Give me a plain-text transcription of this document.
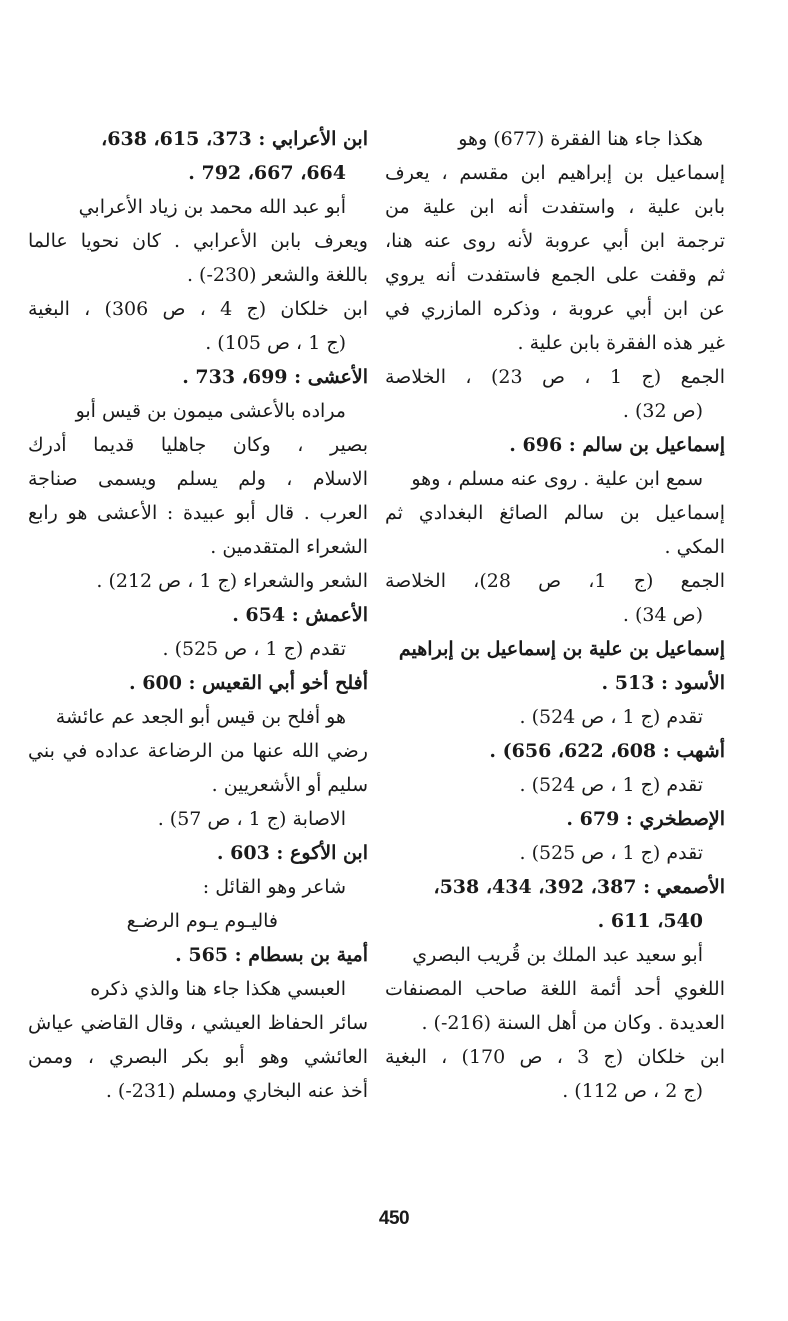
هكذا جاء هنا الفقرة (677) وهو
إسماعيل بن إبراهيم ابن مقسم ، يعرف
بابن علية ، واستفدت أنه ابن علية من
ترجمة ابن أبي عروبة لأنه روى عنه هنا،
ثم وقفت على الجمع فاستفدت أنه يروي
عن ابن أبي عروبة ، وذكره المازري في
غير هذه الفقرة بابن علية .
الجمع (ج 1 ، ص 23) ، الخلاصة
(ص 32) .
إسماعيل بن سالم : 696 .
سمع ابن علية . روى عنه مسلم ، وهو
إسماعيل بن سالم الصائغ البغدادي ثم
المكي .
الجمع (ج 1، ص 28)، الخلاصة
(ص 34) .
إسماعيل بن علية بن إسماعيل بن إبراهيم
الأسود : 513 .
تقدم (ج 1 ، ص 524) .
أشهب : 608، 622، 656) .
تقدم (ج 1 ، ص 524) .
الإصطخري : 679 .
تقدم (ج 1 ، ص 525) .
الأصمعي : 387، 392، 434، 538،
540، 611 .
أبو سعيد عبد الملك بن قُريب البصري
اللغوي أحد أئمة اللغة صاحب المصنفات
العديدة . وكان من أهل السنة (216-) .
ابن خلكان (ج 3 ، ص 170) ، البغية
(ج 2 ، ص 112) .
ابن الأعرابي : 373، 615، 638،
664، 667، 792 .
أبو عبد الله محمد بن زياد الأعرابي
ويعرف بابن الأعرابي . كان نحويا عالما
باللغة والشعر (230-) .
ابن خلكان (ج 4 ، ص 306) ، البغية
(ج 1 ، ص 105) .
الأعشى : 699، 733 .
مراده بالأعشى ميمون بن قيس أبو
بصير ، وكان جاهليا قديما أدرك
الاسلام ، ولم يسلم ويسمى صناجة
العرب . قال أبو عبيدة : الأعشى هو رابع
الشعراء المتقدمين .
الشعر والشعراء (ج 1 ، ص 212) .
الأعمش : 654 .
تقدم (ج 1 ، ص 525) .
أفلح أخو أبي القعيس : 600 .
هو أفلح بن قيس أبو الجعد عم عائشة
رضي الله عنها من الرضاعة عداده في بني
سليم أو الأشعريين .
الاصابة (ج 1 ، ص 57) .
ابن الأكوع : 603 .
شاعر وهو القائل :
فاليـوم يـوم الرضـع
أمية بن بسطام : 565 .
العبسي هكذا جاء هنا والذي ذكره
سائر الحفاظ العيشي ، وقال القاضي عياش
العائشي وهو أبو بكر البصري ، وممن
أخذ عنه البخاري ومسلم (231-) .
450
